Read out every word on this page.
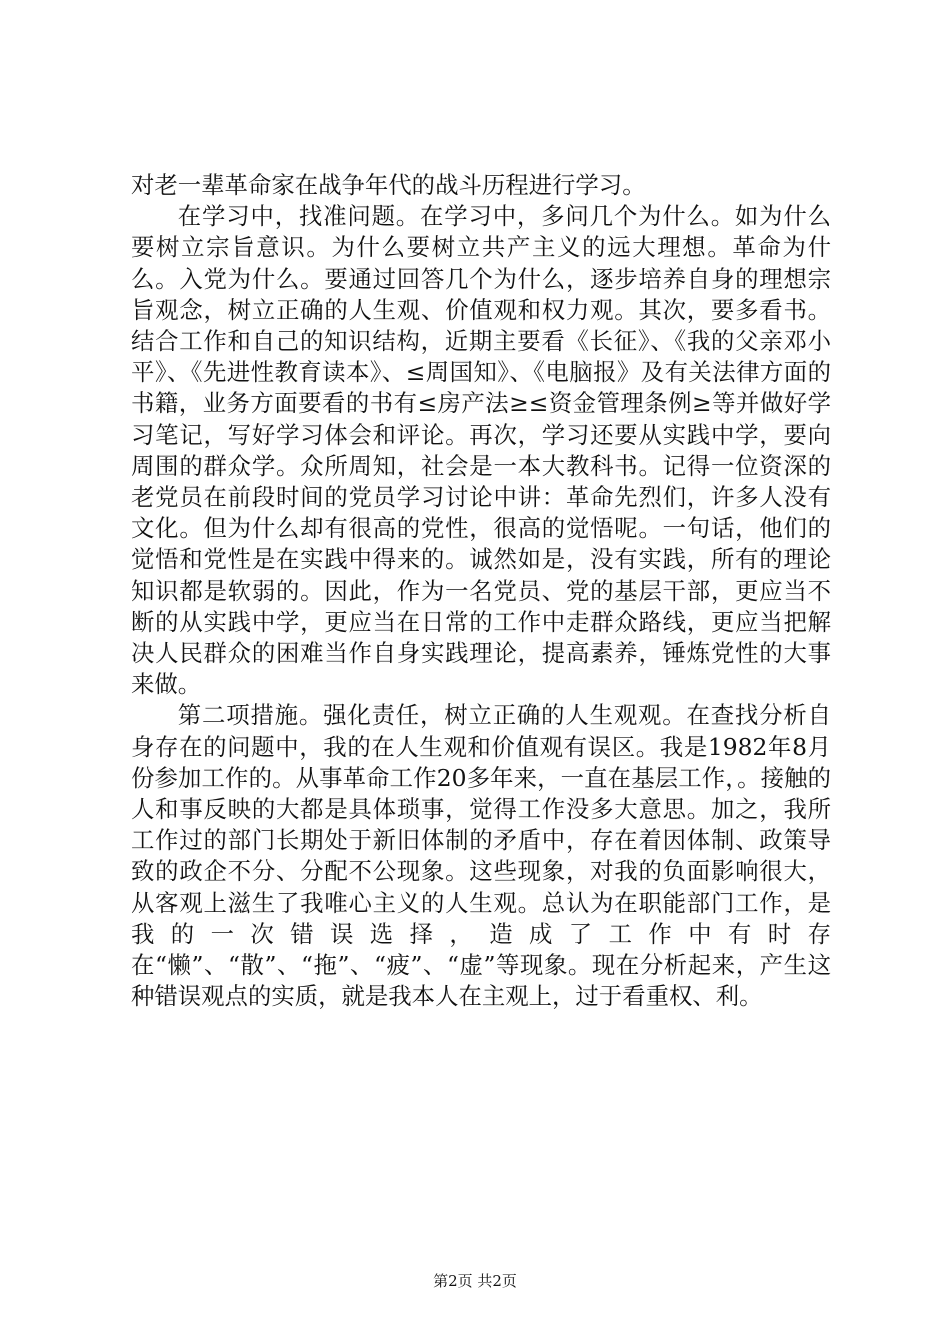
对老一辈革命家在战争年代的战斗历程进行学习。

在学习中，找准问题。在学习中，多问几个为什么。如为什么要树立宗旨意识。为什么要树立共产主义的远大理想。革命为什么。入党为什么。要通过回答几个为什么，逐步培养自身的理想宗旨观念，树立正确的人生观、价值观和权力观。其次，要多看书。结合工作和自己的知识结构，近期主要看《长征》、《我的父亲邓小平》、《先进性教育读本》、≤周国知》、《电脑报》及有关法律方面的书籍，业务方面要看的书有≤房产法≥≤资金管理条例≥等并做好学习笔记，写好学习体会和评论。再次，学习还要从实践中学，要向周围的群众学。众所周知，社会是一本大教科书。记得一位资深的老党员在前段时间的党员学习讨论中讲：革命先烈们，许多人没有文化。但为什么却有很高的党性，很高的觉悟呢。一句话，他们的觉悟和党性是在实践中得来的。诚然如是，没有实践，所有的理论知识都是软弱的。因此，作为一名党员、党的基层干部，更应当不断的从实践中学，更应当在日常的工作中走群众路线，更应当把解决人民群众的困难当作自身实践理论，提高素养，锤炼党性的大事来做。

第二项措施。强化责任，树立正确的人生观观。在查找分析自身存在的问题中，我的在人生观和价值观有误区。我是1982年8月份参加工作的。从事革命工作20多年来，一直在基层工作，。接触的人和事反映的大都是具体琐事，觉得工作没多大意思。加之，我所工作过的部门长期处于新旧体制的矛盾中，存在着因体制、政策导致的政企不分、分配不公现象。这些现象，对我的负面影响很大，从客观上滋生了我唯心主义的人生观。总认为在职能部门工作，是我的一次错误选择，造成了工作中有时存在“懒”、“散”、“拖”、“疲”、“虚”等现象。现在分析起来，产生这种错误观点的实质，就是我本人在主观上，过于看重权、利。

第2页 共2页
